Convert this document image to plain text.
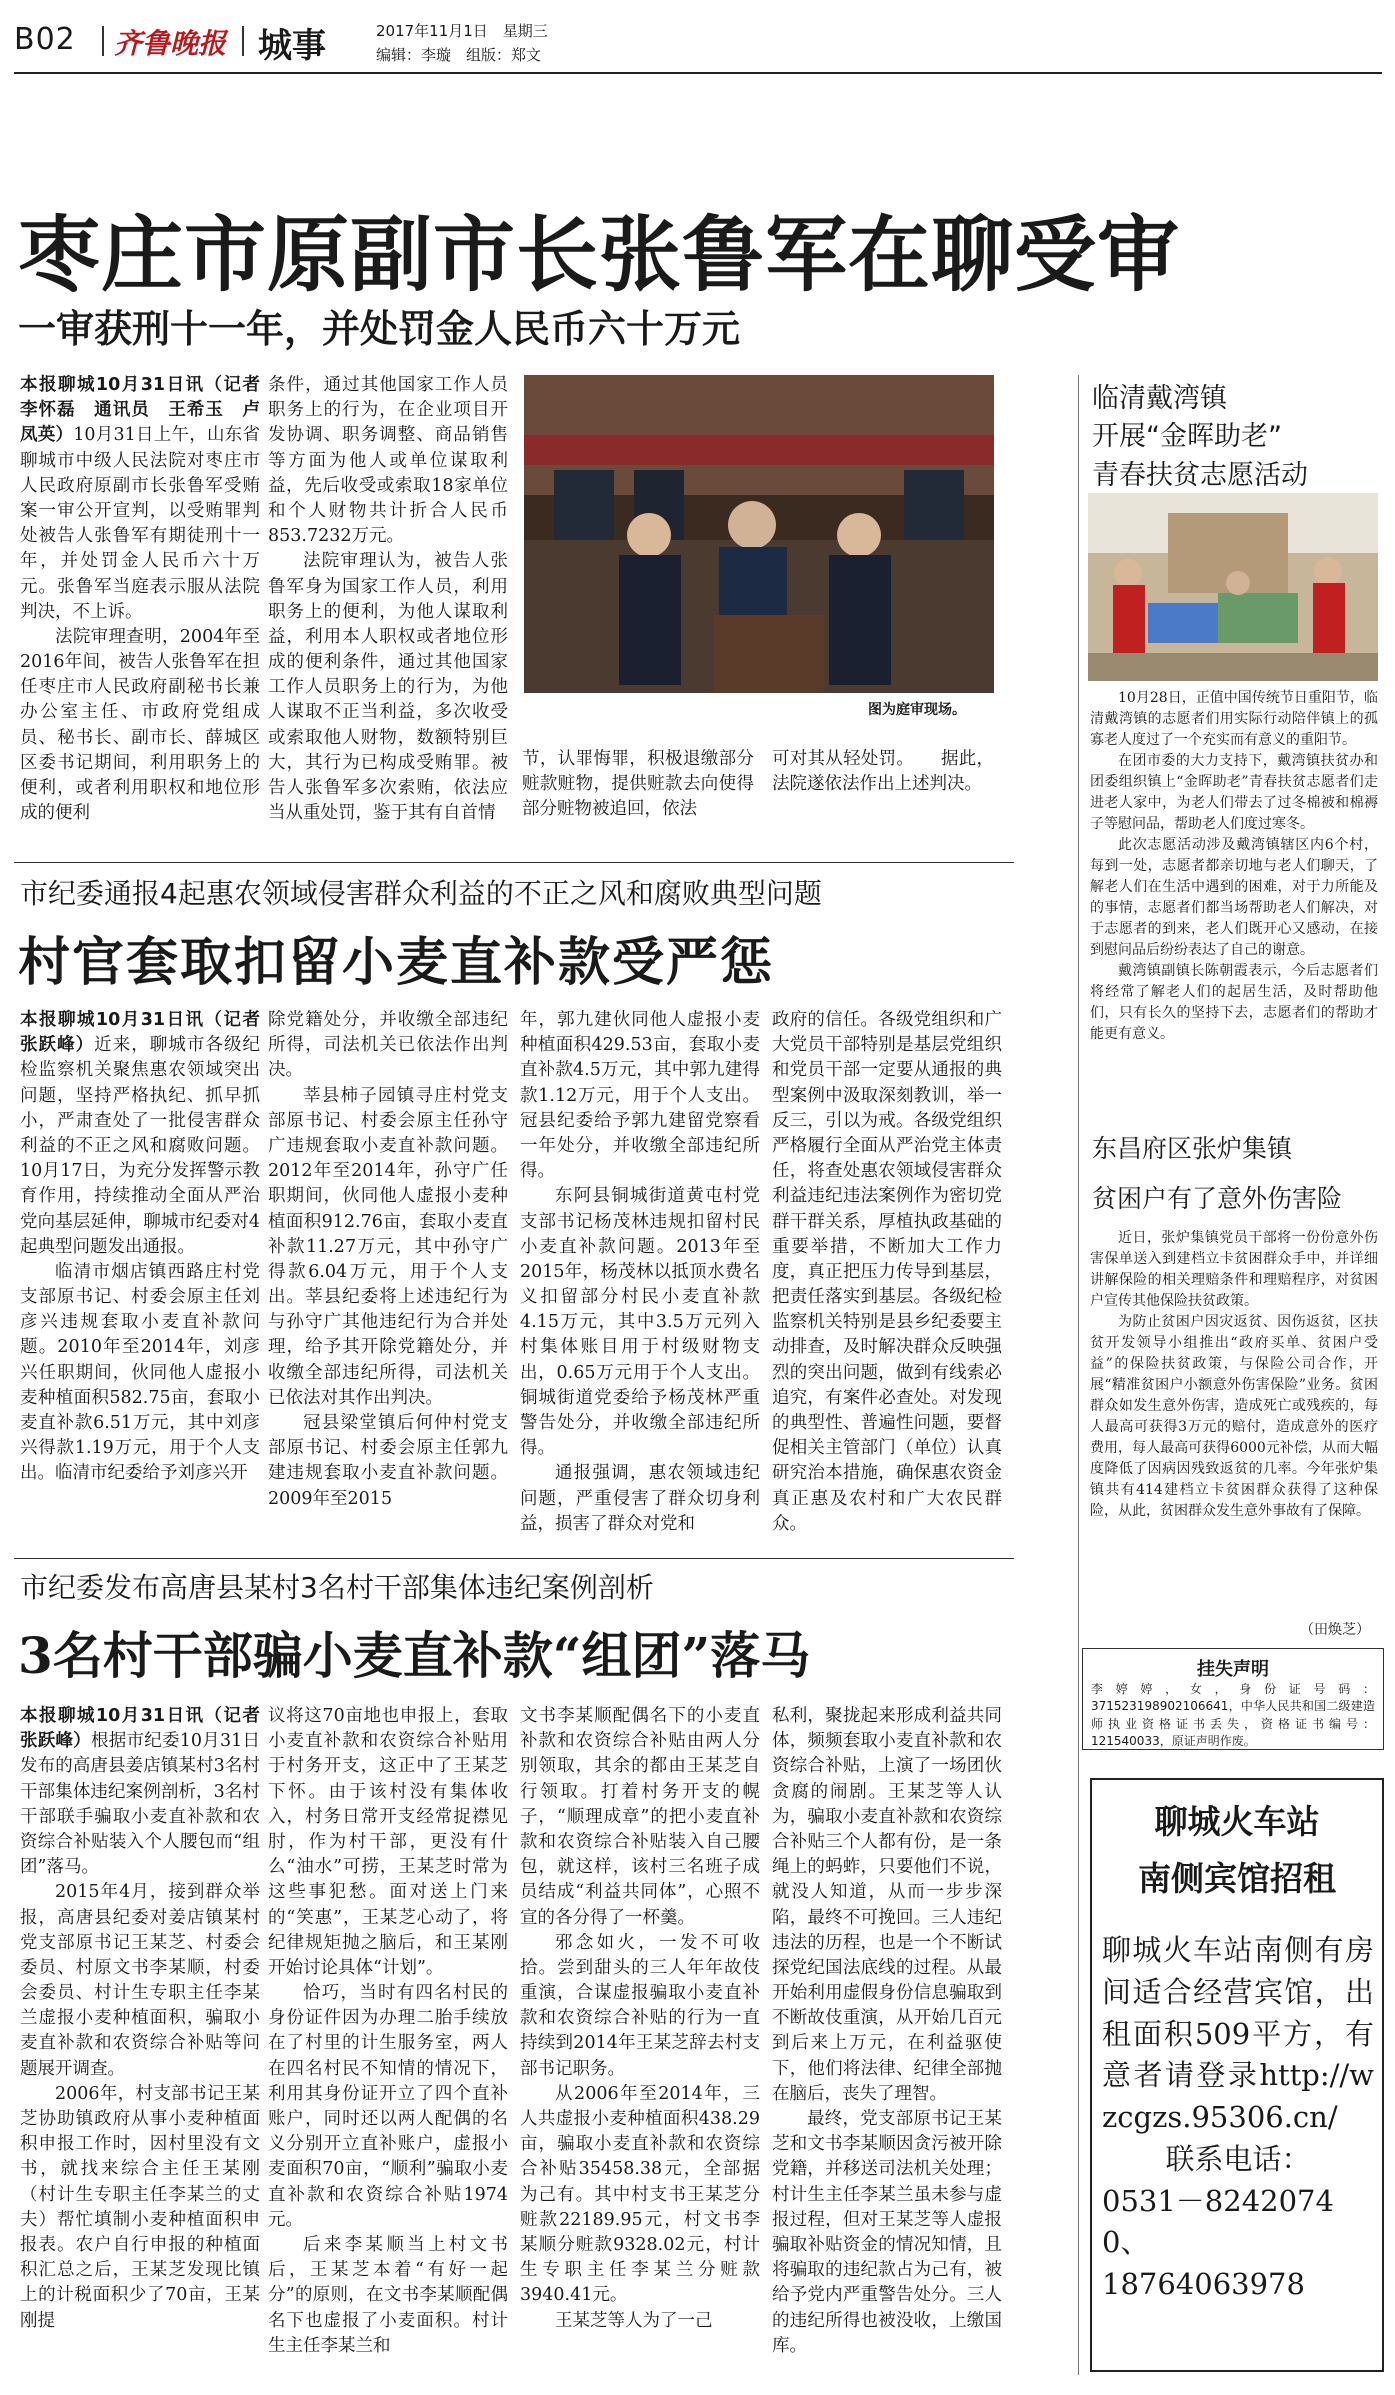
B02 齐鲁晚报 城事	2017年11月1日　星期三
编辑：李璇　组版：郑文
枣庄市原副市长张鲁军在聊受审
一审获刑十一年，并处罚金人民币六十万元

本报聊城10月31日讯（记者李怀磊　通讯员　王希玉　卢凤英）10月31日上午，山东省聊城市中级人民法院对枣庄市人民政府原副市长张鲁军受贿案一审公开宣判，以受贿罪判处被告人张鲁军有期徒刑十一年，并处罚金人民币六十万元。张鲁军当庭表示服从法院判决，不上诉。

法院审理查明，2004年至2016年间，被告人张鲁军在担任枣庄市人民政府副秘书长兼办公室主任、市政府党组成员、秘书长、副市长、薛城区区委书记期间，利用职务上的便利，或者利用职权和地位形成的便利

条件，通过其他国家工作人员职务上的行为，在企业项目开发协调、职务调整、商品销售等方面为他人或单位谋取利益，先后收受或索取18家单位和个人财物共计折合人民币853.7232万元。

法院审理认为，被告人张鲁军身为国家工作人员，利用职务上的便利，为他人谋取利益，利用本人职权或者地位形成的便利条件，通过其他国家工作人员职务上的行为，为他人谋取不正当利益，多次收受或索取他人财物，数额特别巨大，其行为已构成受贿罪。被告人张鲁军多次索贿，依法应当从重处罚，鉴于其有自首情

图为庭审现场。
节，认罪悔罪，积极退缴部分赃款赃物，提供赃款去向使得部分赃物被追回，依法
可对其从轻处罚。　　据此，法院遂依法作出上述判决。
市纪委通报4起惠农领域侵害群众利益的不正之风和腐败典型问题
村官套取扣留小麦直补款受严惩

本报聊城10月31日讯（记者　张跃峰）近来，聊城市各级纪检监察机关聚焦惠农领域突出问题，坚持严格执纪、抓早抓小，严肃查处了一批侵害群众利益的不正之风和腐败问题。10月17日，为充分发挥警示教育作用，持续推动全面从严治党向基层延伸，聊城市纪委对4起典型问题发出通报。

临清市烟店镇西路庄村党支部原书记、村委会原主任刘彦兴违规套取小麦直补款问题。2010年至2014年，刘彦兴任职期间，伙同他人虚报小麦种植面积582.75亩，套取小麦直补款6.51万元，其中刘彦兴得款1.19万元，用于个人支出。临清市纪委给予刘彦兴开

除党籍处分，并收缴全部违纪所得，司法机关已依法作出判决。

莘县柿子园镇寻庄村党支部原书记、村委会原主任孙守广违规套取小麦直补款问题。2012年至2014年，孙守广任职期间，伙同他人虚报小麦种植面积912.76亩，套取小麦直补款11.27万元，其中孙守广得款6.04万元，用于个人支出。莘县纪委将上述违纪行为与孙守广其他违纪行为合并处理，给予其开除党籍处分，并收缴全部违纪所得，司法机关已依法对其作出判决。

冠县梁堂镇后何仲村党支部原书记、村委会原主任郭九建违规套取小麦直补款问题。2009年至2015

年，郭九建伙同他人虚报小麦种植面积429.53亩，套取小麦直补款4.5万元，其中郭九建得款1.12万元，用于个人支出。冠县纪委给予郭九建留党察看一年处分，并收缴全部违纪所得。

东阿县铜城街道黄屯村党支部书记杨茂林违规扣留村民小麦直补款问题。2013年至2015年，杨茂林以抵顶水费名义扣留部分村民小麦直补款4.15万元，其中3.5万元列入村集体账目用于村级财物支出，0.65万元用于个人支出。铜城街道党委给予杨茂林严重警告处分，并收缴全部违纪所得。

通报强调，惠农领域违纪问题，严重侵害了群众切身利益，损害了群众对党和

政府的信任。各级党组织和广大党员干部特别是基层党组织和党员干部一定要从通报的典型案例中汲取深刻教训，举一反三，引以为戒。各级党组织严格履行全面从严治党主体责任，将查处惠农领域侵害群众利益违纪违法案例作为密切党群干群关系，厚植执政基础的重要举措，不断加大工作力度，真正把压力传导到基层，把责任落实到基层。各级纪检监察机关特别是县乡纪委要主动排查，及时解决群众反映强烈的突出问题，做到有线索必追究，有案件必查处。对发现的典型性、普遍性问题，要督促相关主管部门（单位）认真研究治本措施，确保惠农资金真正惠及农村和广大农民群众。

市纪委发布高唐县某村3名村干部集体违纪案例剖析
3名村干部骗小麦直补款“组团”落马

本报聊城10月31日讯（记者　张跃峰）根据市纪委10月31日发布的高唐县姜店镇某村3名村干部集体违纪案例剖析，3名村干部联手骗取小麦直补款和农资综合补贴装入个人腰包而“组团”落马。

2015年4月，接到群众举报，高唐县纪委对姜店镇某村党支部原书记王某芝、村委会委员、村原文书李某顺，村委会委员、村计生专职主任李某兰虚报小麦种植面积，骗取小麦直补款和农资综合补贴等问题展开调查。

2006年，村支部书记王某芝协助镇政府从事小麦种植面积申报工作时，因村里没有文书，就找来综合主任王某刚（村计生专职主任李某兰的丈夫）帮忙填制小麦种植面积申报表。农户自行申报的种植面积汇总之后，王某芝发现比镇上的计税面积少了70亩，王某刚提

议将这70亩地也申报上，套取小麦直补款和农资综合补贴用于村务开支，这正中了王某芝下怀。由于该村没有集体收入，村务日常开支经常捉襟见肘，作为村干部，更没有什么“油水”可捞，王某芝时常为这些事犯愁。面对送上门来的“笑惠”，王某芝心动了，将纪律规矩抛之脑后，和王某刚开始讨论具体“计划”。

恰巧，当时有四名村民的身份证件因为办理二胎手续放在了村里的计生服务室，两人在四名村民不知情的情况下，利用其身份证开立了四个直补账户，同时还以两人配偶的名义分别开立直补账户，虚报小麦面积70亩，“顺利”骗取小麦直补款和农资综合补贴1974元。

后来李某顺当上村文书后，王某芝本着“有好一起分”的原则，在文书李某顺配偶名下也虚报了小麦面积。村计生主任李某兰和

文书李某顺配偶名下的小麦直补款和农资综合补贴由两人分别领取，其余的都由王某芝自行领取。打着村务开支的幌子，“顺理成章”的把小麦直补款和农资综合补贴装入自己腰包，就这样，该村三名班子成员结成“利益共同体”，心照不宣的各分得了一杯羹。

邪念如火，一发不可收拾。尝到甜头的三人年年故伎重演，合谋虚报骗取小麦直补款和农资综合补贴的行为一直持续到2014年王某芝辞去村支部书记职务。

从2006年至2014年，三人共虚报小麦种植面积438.29亩，骗取小麦直补款和农资综合补贴35458.38元，全部据为己有。其中村支书王某芝分赃款22189.95元，村文书李某顺分赃款9328.02元，村计生专职主任李某兰分赃款3940.41元。

王某芝等人为了一己

私利，聚拢起来形成利益共同体，频频套取小麦直补款和农资综合补贴，上演了一场团伙贪腐的闹剧。王某芝等人认为，骗取小麦直补款和农资综合补贴三个人都有份，是一条绳上的蚂蚱，只要他们不说，就没人知道，从而一步步深陷，最终不可挽回。三人违纪违法的历程，也是一个不断试探党纪国法底线的过程。从最开始利用虚假身份信息骗取到不断故伎重演，从开始几百元到后来上万元，在利益驱使下，他们将法律、纪律全部抛在脑后，丧失了理智。

最终，党支部原书记王某芝和文书李某顺因贪污被开除党籍，并移送司法机关处理；村计生主任李某兰虽未参与虚报过程，但对王某芝等人虚报骗取补贴资金的情况知情，且将骗取的违纪款占为己有，被给予党内严重警告处分。三人的违纪所得也被没收，上缴国库。

临清戴湾镇
开展“金晖助老”
青春扶贫志愿活动

10月28日，正值中国传统节日重阳节，临清戴湾镇的志愿者们用实际行动陪伴镇上的孤寡老人度过了一个充实而有意义的重阳节。

在团市委的大力支持下，戴湾镇扶贫办和团委组织镇上“金晖助老”青春扶贫志愿者们走进老人家中，为老人们带去了过冬棉被和棉褥子等慰问品，帮助老人们度过寒冬。

此次志愿活动涉及戴湾镇辖区内6个村，每到一处，志愿者都亲切地与老人们聊天，了解老人们在生活中遇到的困难，对于力所能及的事情，志愿者们都当场帮助老人们解决，对于志愿者的到来，老人们既开心又感动，在接到慰问品后纷纷表达了自己的谢意。

戴湾镇副镇长陈朝霞表示，今后志愿者们将经常了解老人们的起居生活，及时帮助他们，只有长久的坚持下去，志愿者们的帮助才能更有意义。

东昌府区张炉集镇
贫困户有了意外伤害险

近日，张炉集镇党员干部将一份份意外伤害保单送入到建档立卡贫困群众手中，并详细讲解保险的相关理赔条件和理赔程序，对贫困户宣传其他保险扶贫政策。

为防止贫困户因灾返贫、因伤返贫，区扶贫开发领导小组推出“政府买单、贫困户受益”的保险扶贫政策，与保险公司合作，开展“精准贫困户小额意外伤害保险”业务。贫困群众如发生意外伤害，造成死亡或残疾的，每人最高可获得3万元的赔付，造成意外的医疗费用，每人最高可获得6000元补偿，从而大幅度降低了因病因残致返贫的几率。今年张炉集镇共有414建档立卡贫困群众获得了这种保险，从此，贫困群众发生意外事故有了保障。

（田焕芝）
挂失声明
李婷婷，女，身份证号码：371523198902106641，中华人民共和国二级建造师执业资格证书丢失，资格证书编号：121540033，原证声明作废。
聊城火车站
南侧宾馆招租
聊城火车站南侧有房间适合经营宾馆，出租面积509平方，有意者请登录http://wzcgzs.95306.cn/
联系电话：
0531－82420740、
18764063978
